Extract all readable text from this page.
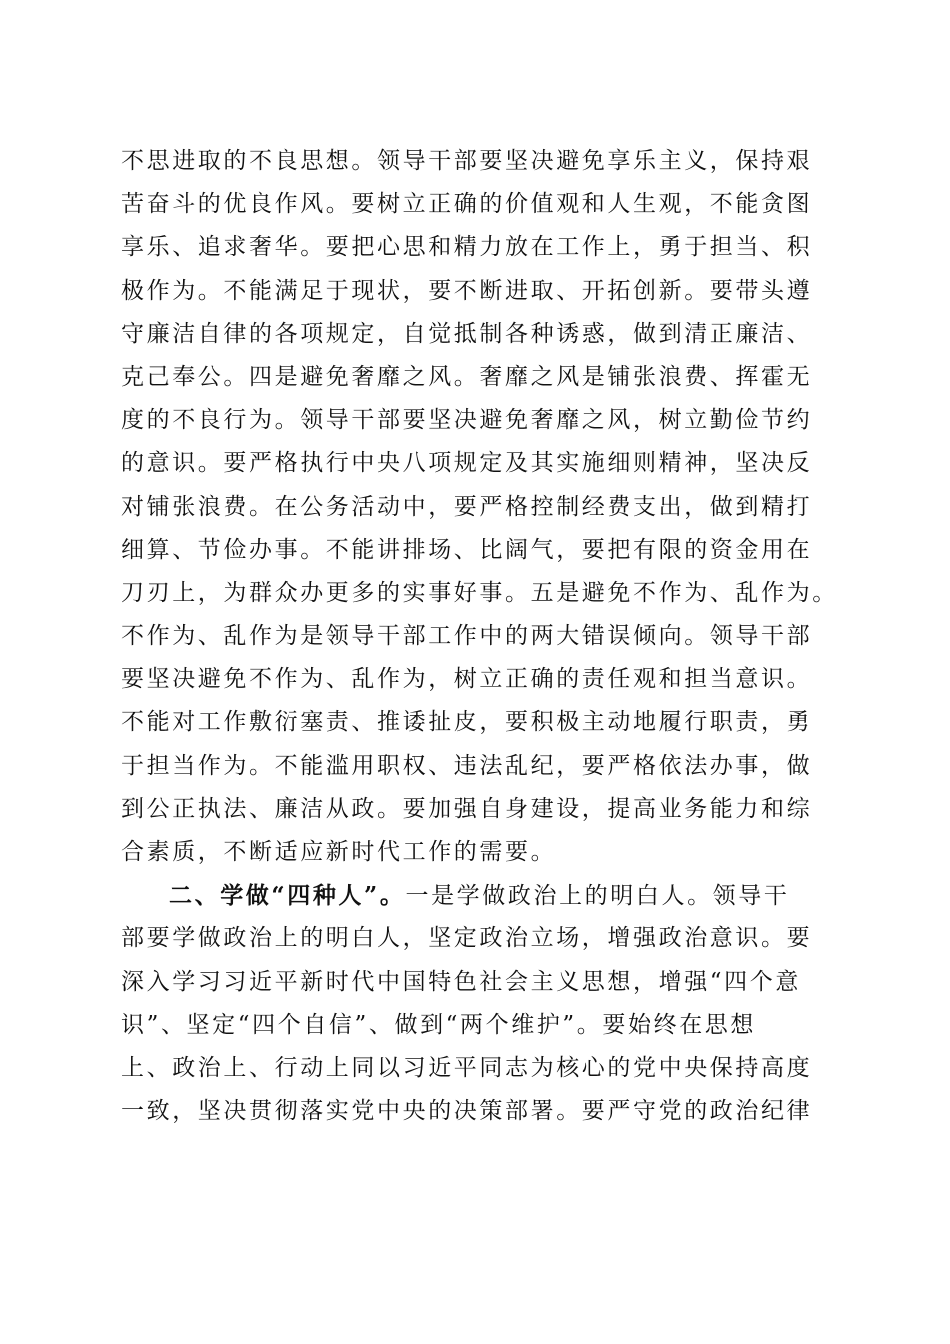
不思进取的不良思想。领导干部要坚决避免享乐主义，保持艰
苦奋斗的优良作风。要树立正确的价值观和人生观，不能贪图
享乐、追求奢华。要把心思和精力放在工作上，勇于担当、积
极作为。不能满足于现状，要不断进取、开拓创新。要带头遵
守廉洁自律的各项规定，自觉抵制各种诱惑，做到清正廉洁、
克己奉公。四是避免奢靡之风。奢靡之风是铺张浪费、挥霍无
度的不良行为。领导干部要坚决避免奢靡之风，树立勤俭节约
的意识。要严格执行中央八项规定及其实施细则精神，坚决反
对铺张浪费。在公务活动中，要严格控制经费支出，做到精打
细算、节俭办事。不能讲排场、比阔气，要把有限的资金用在
刀刃上，为群众办更多的实事好事。五是避免不作为、乱作为。
不作为、乱作为是领导干部工作中的两大错误倾向。领导干部
要坚决避免不作为、乱作为，树立正确的责任观和担当意识。
不能对工作敷衍塞责、推诿扯皮，要积极主动地履行职责，勇
于担当作为。不能滥用职权、违法乱纪，要严格依法办事，做
到公正执法、廉洁从政。要加强自身建设，提高业务能力和综
合素质，不断适应新时代工作的需要。
二、学做“四种人”。一是学做政治上的明白人。领导干
部要学做政治上的明白人，坚定政治立场，增强政治意识。要
深入学习习近平新时代中国特色社会主义思想，增强“四个意
识”、坚定“四个自信”、做到“两个维护”。要始终在思想
上、政治上、行动上同以习近平同志为核心的党中央保持高度
一致，坚决贯彻落实党中央的决策部署。要严守党的政治纪律
